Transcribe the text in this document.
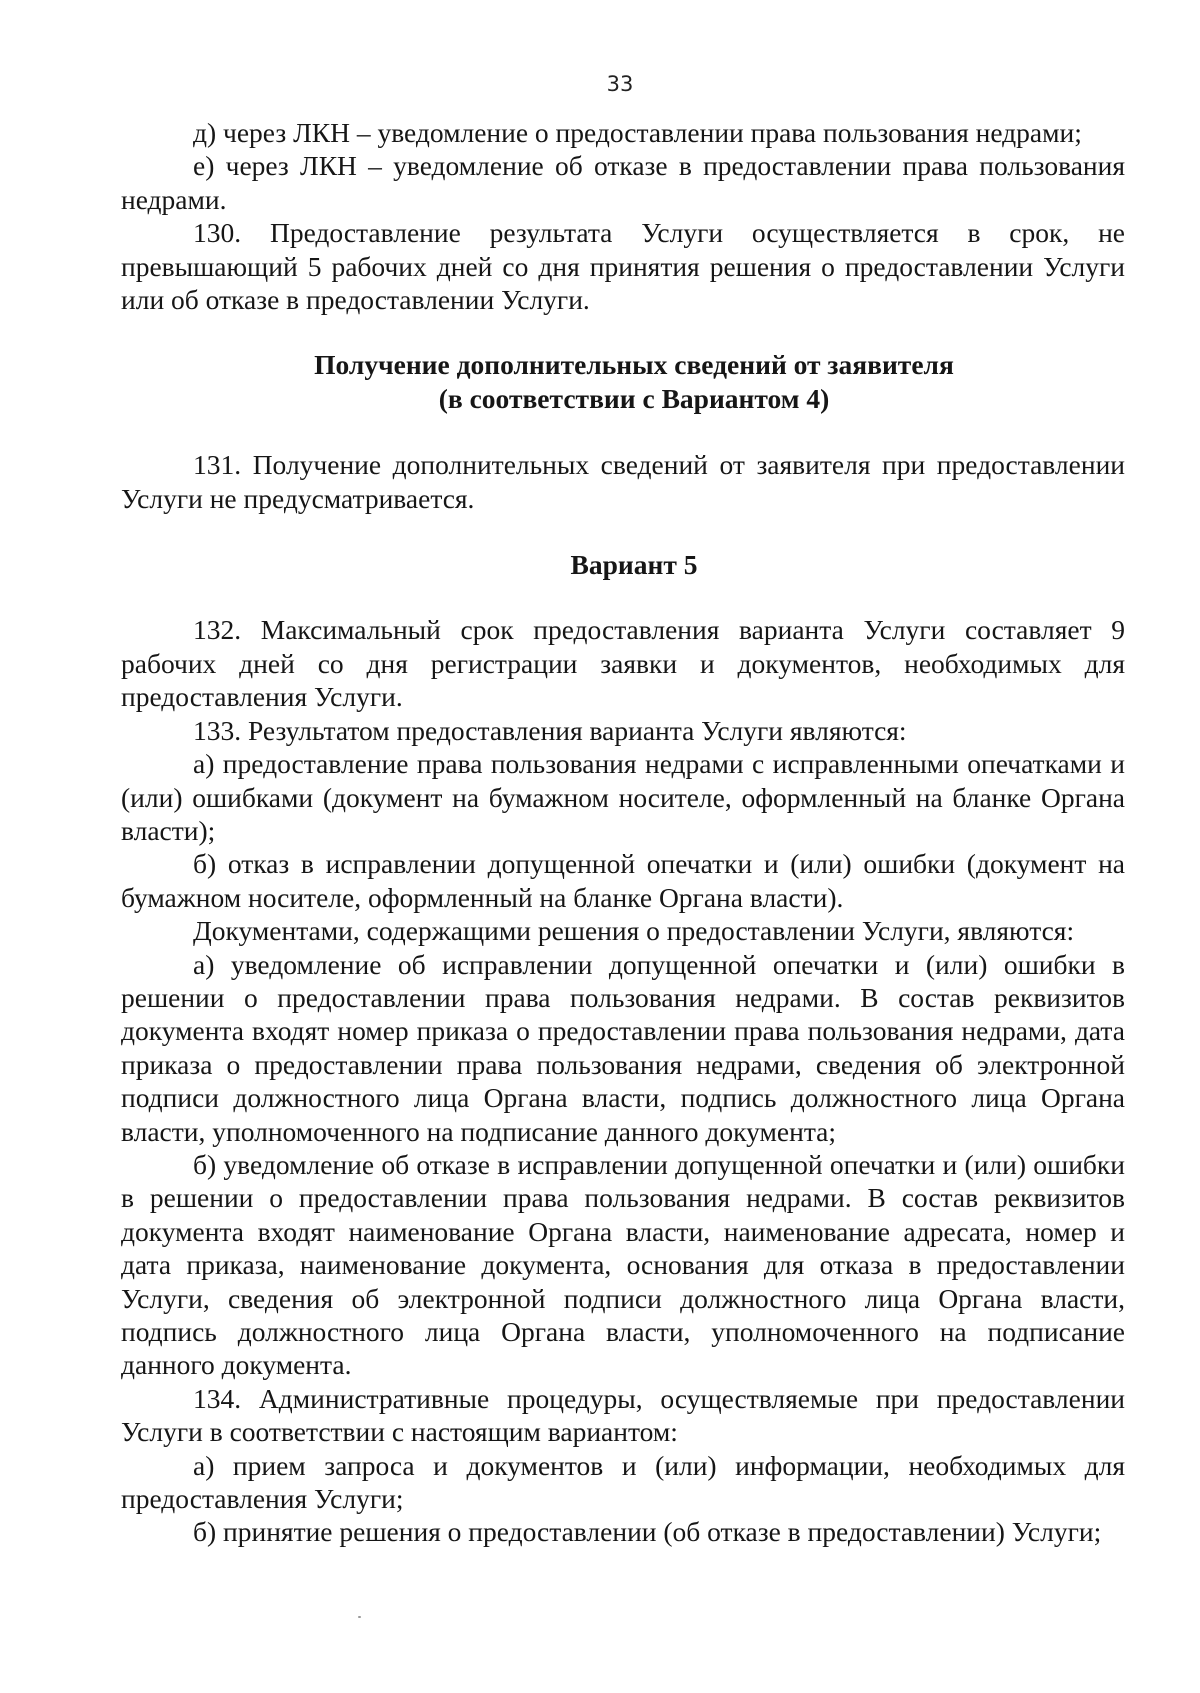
33

д) через ЛКН – уведомление о предоставлении права пользования недрами;

е) через ЛКН – уведомление об отказе в предоставлении права пользования недрами.

130. Предоставление результата Услуги осуществляется в срок, не превышающий 5 рабочих дней со дня принятия решения о предоставлении Услуги или об отказе в предоставлении Услуги.

Получение дополнительных сведений от заявителя
(в соответствии с Вариантом 4)

131. Получение дополнительных сведений от заявителя при предоставлении Услуги не предусматривается.

Вариант 5

132. Максимальный срок предоставления варианта Услуги составляет 9 рабочих дней со дня регистрации заявки и документов, необходимых для предоставления Услуги.

133. Результатом предоставления варианта Услуги являются:

а) предоставление права пользования недрами с исправленными опечатками и (или) ошибками (документ на бумажном носителе, оформленный на бланке Органа власти);

б) отказ в исправлении допущенной опечатки и (или) ошибки (документ на бумажном носителе, оформленный на бланке Органа власти).

Документами, содержащими решения о предоставлении Услуги, являются:

а) уведомление об исправлении допущенной опечатки и (или) ошибки в решении о предоставлении права пользования недрами. В состав реквизитов документа входят номер приказа о предоставлении права пользования недрами, дата приказа о предоставлении права пользования недрами, сведения об электронной подписи должностного лица Органа власти, подпись должностного лица Органа власти, уполномоченного на подписание данного документа;

б) уведомление об отказе в исправлении допущенной опечатки и (или) ошибки в решении о предоставлении права пользования недрами. В состав реквизитов документа входят наименование Органа власти, наименование адресата, номер и дата приказа, наименование документа, основания для отказа в предоставлении Услуги, сведения об электронной подписи должностного лица Органа власти, подпись должностного лица Органа власти, уполномоченного на подписание данного документа.

134. Административные процедуры, осуществляемые при предоставлении Услуги в соответствии с настоящим вариантом:

а) прием запроса и документов и (или) информации, необходимых для предоставления Услуги;

б) принятие решения о предоставлении (об отказе в предоставлении) Услуги;
